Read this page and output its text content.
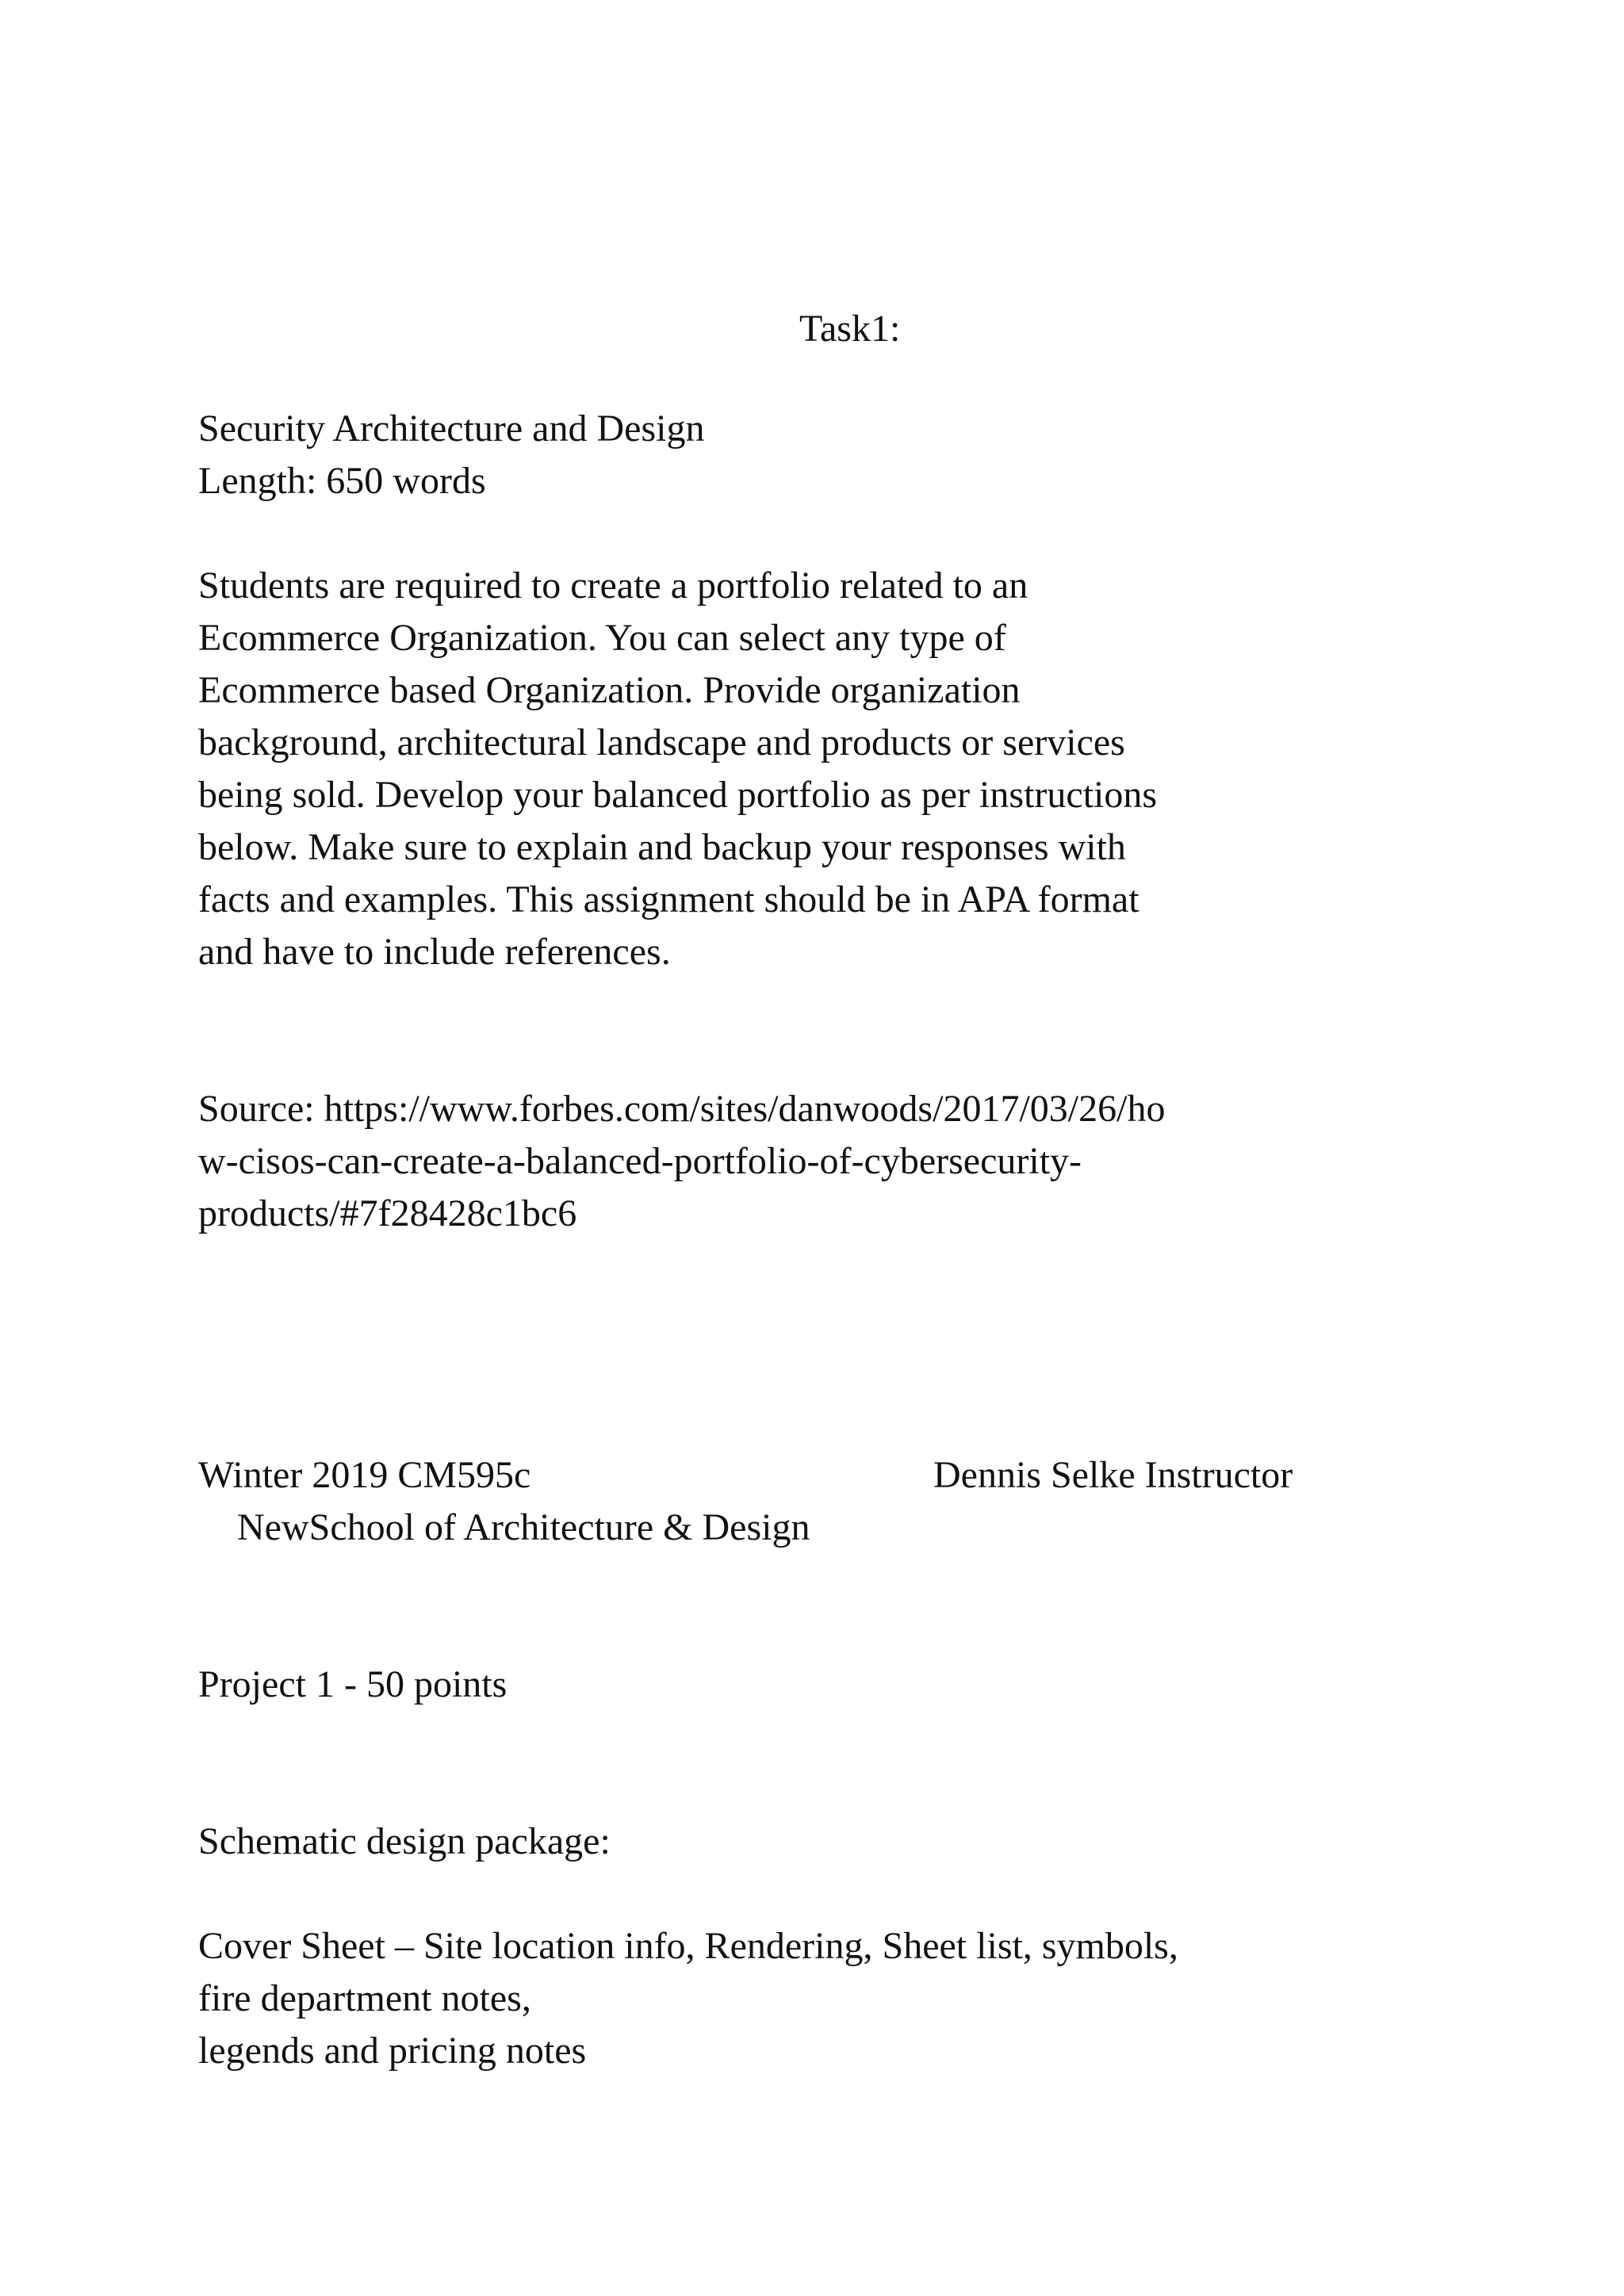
Task1:
Security Architecture and Design
Length: 650 words
Students are required to create a portfolio related to an
Ecommerce Organization. You can select any type of
Ecommerce based Organization. Provide organization
background, architectural landscape and products or services
being sold. Develop your balanced portfolio as per instructions
below. Make sure to explain and backup your responses with
facts and examples. This assignment should be in APA format
and have to include references.
Source: https://www.forbes.com/sites/danwoods/2017/03/26/ho
w-cisos-can-create-a-balanced-portfolio-of-cybersecurity-
products/#7f28428c1bc6
Winter 2019 CM595c	Dennis Selke Instructor
NewSchool of Architecture & Design
Project 1 - 50 points
Schematic design package:
Cover Sheet – Site location info, Rendering, Sheet list, symbols,
fire department notes,
legends and pricing notes
